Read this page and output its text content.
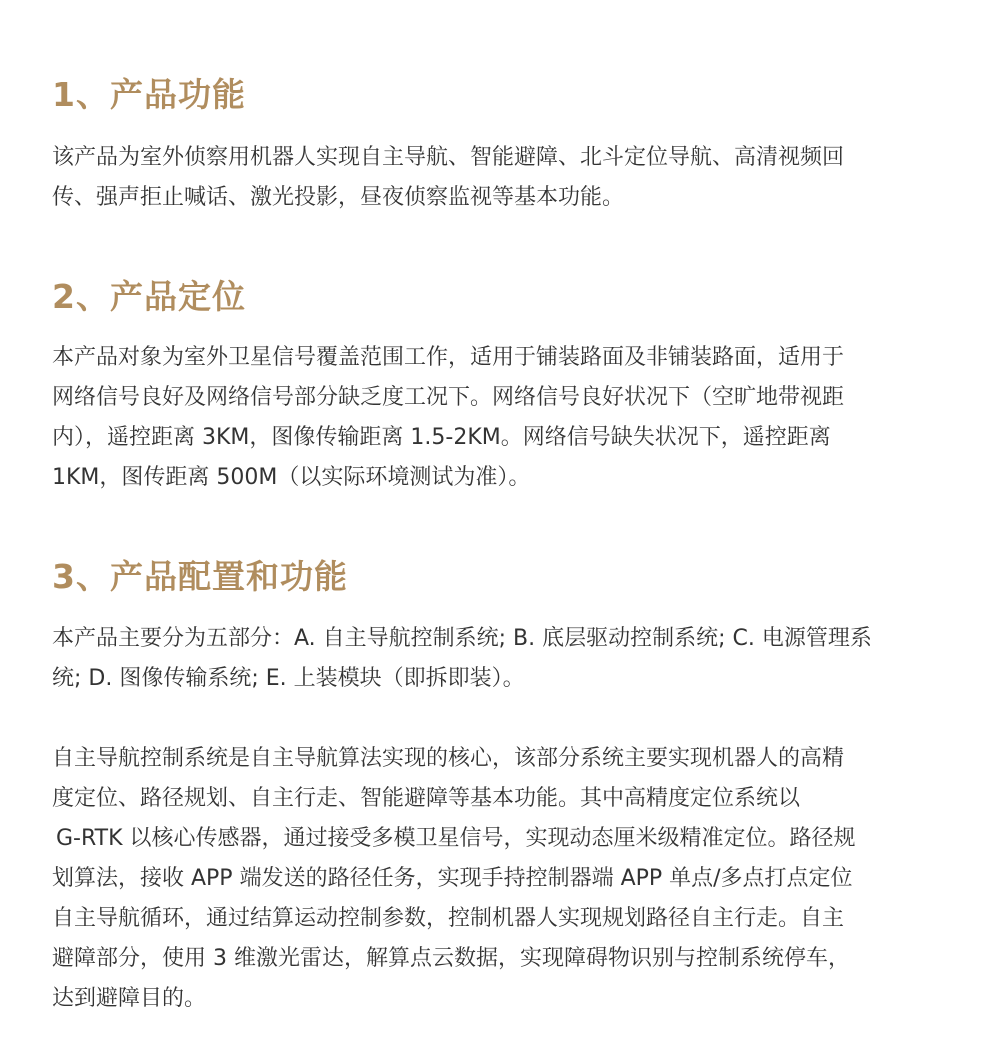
1、产品功能

该产品为室外侦察用机器人实现自主导航、智能避障、北斗定位导航、高清视频回
传、强声拒止喊话、激光投影，昼夜侦察监视等基本功能。

2、产品定位

本产品对象为室外卫星信号覆盖范围工作，适用于铺装路面及非铺装路面，适用于
网络信号良好及网络信号部分缺乏度工况下。网络信号良好状况下（空旷地带视距
内），遥控距离 3KM，图像传输距离 1.5-2KM。网络信号缺失状况下，遥控距离
1KM，图传距离 500M（以实际环境测试为准）。

3、产品配置和功能

本产品主要分为五部分：A. 自主导航控制系统; B. 底层驱动控制系统; C. 电源管理系
统; D. 图像传输系统; E. 上装模块（即拆即装）。

自主导航控制系统是自主导航算法实现的核心，该部分系统主要实现机器人的高精
度定位、路径规划、自主行走、智能避障等基本功能。其中高精度定位系统以
G-RTK 以核心传感器，通过接受多模卫星信号，实现动态厘米级精准定位。路径规
划算法，接收 APP 端发送的路径任务，实现手持控制器端 APP 单点/多点打点定位
自主导航循环，通过结算运动控制参数，控制机器人实现规划路径自主行走。自主
避障部分，使用 3 维激光雷达，解算点云数据，实现障碍物识别与控制系统停车，
达到避障目的。
